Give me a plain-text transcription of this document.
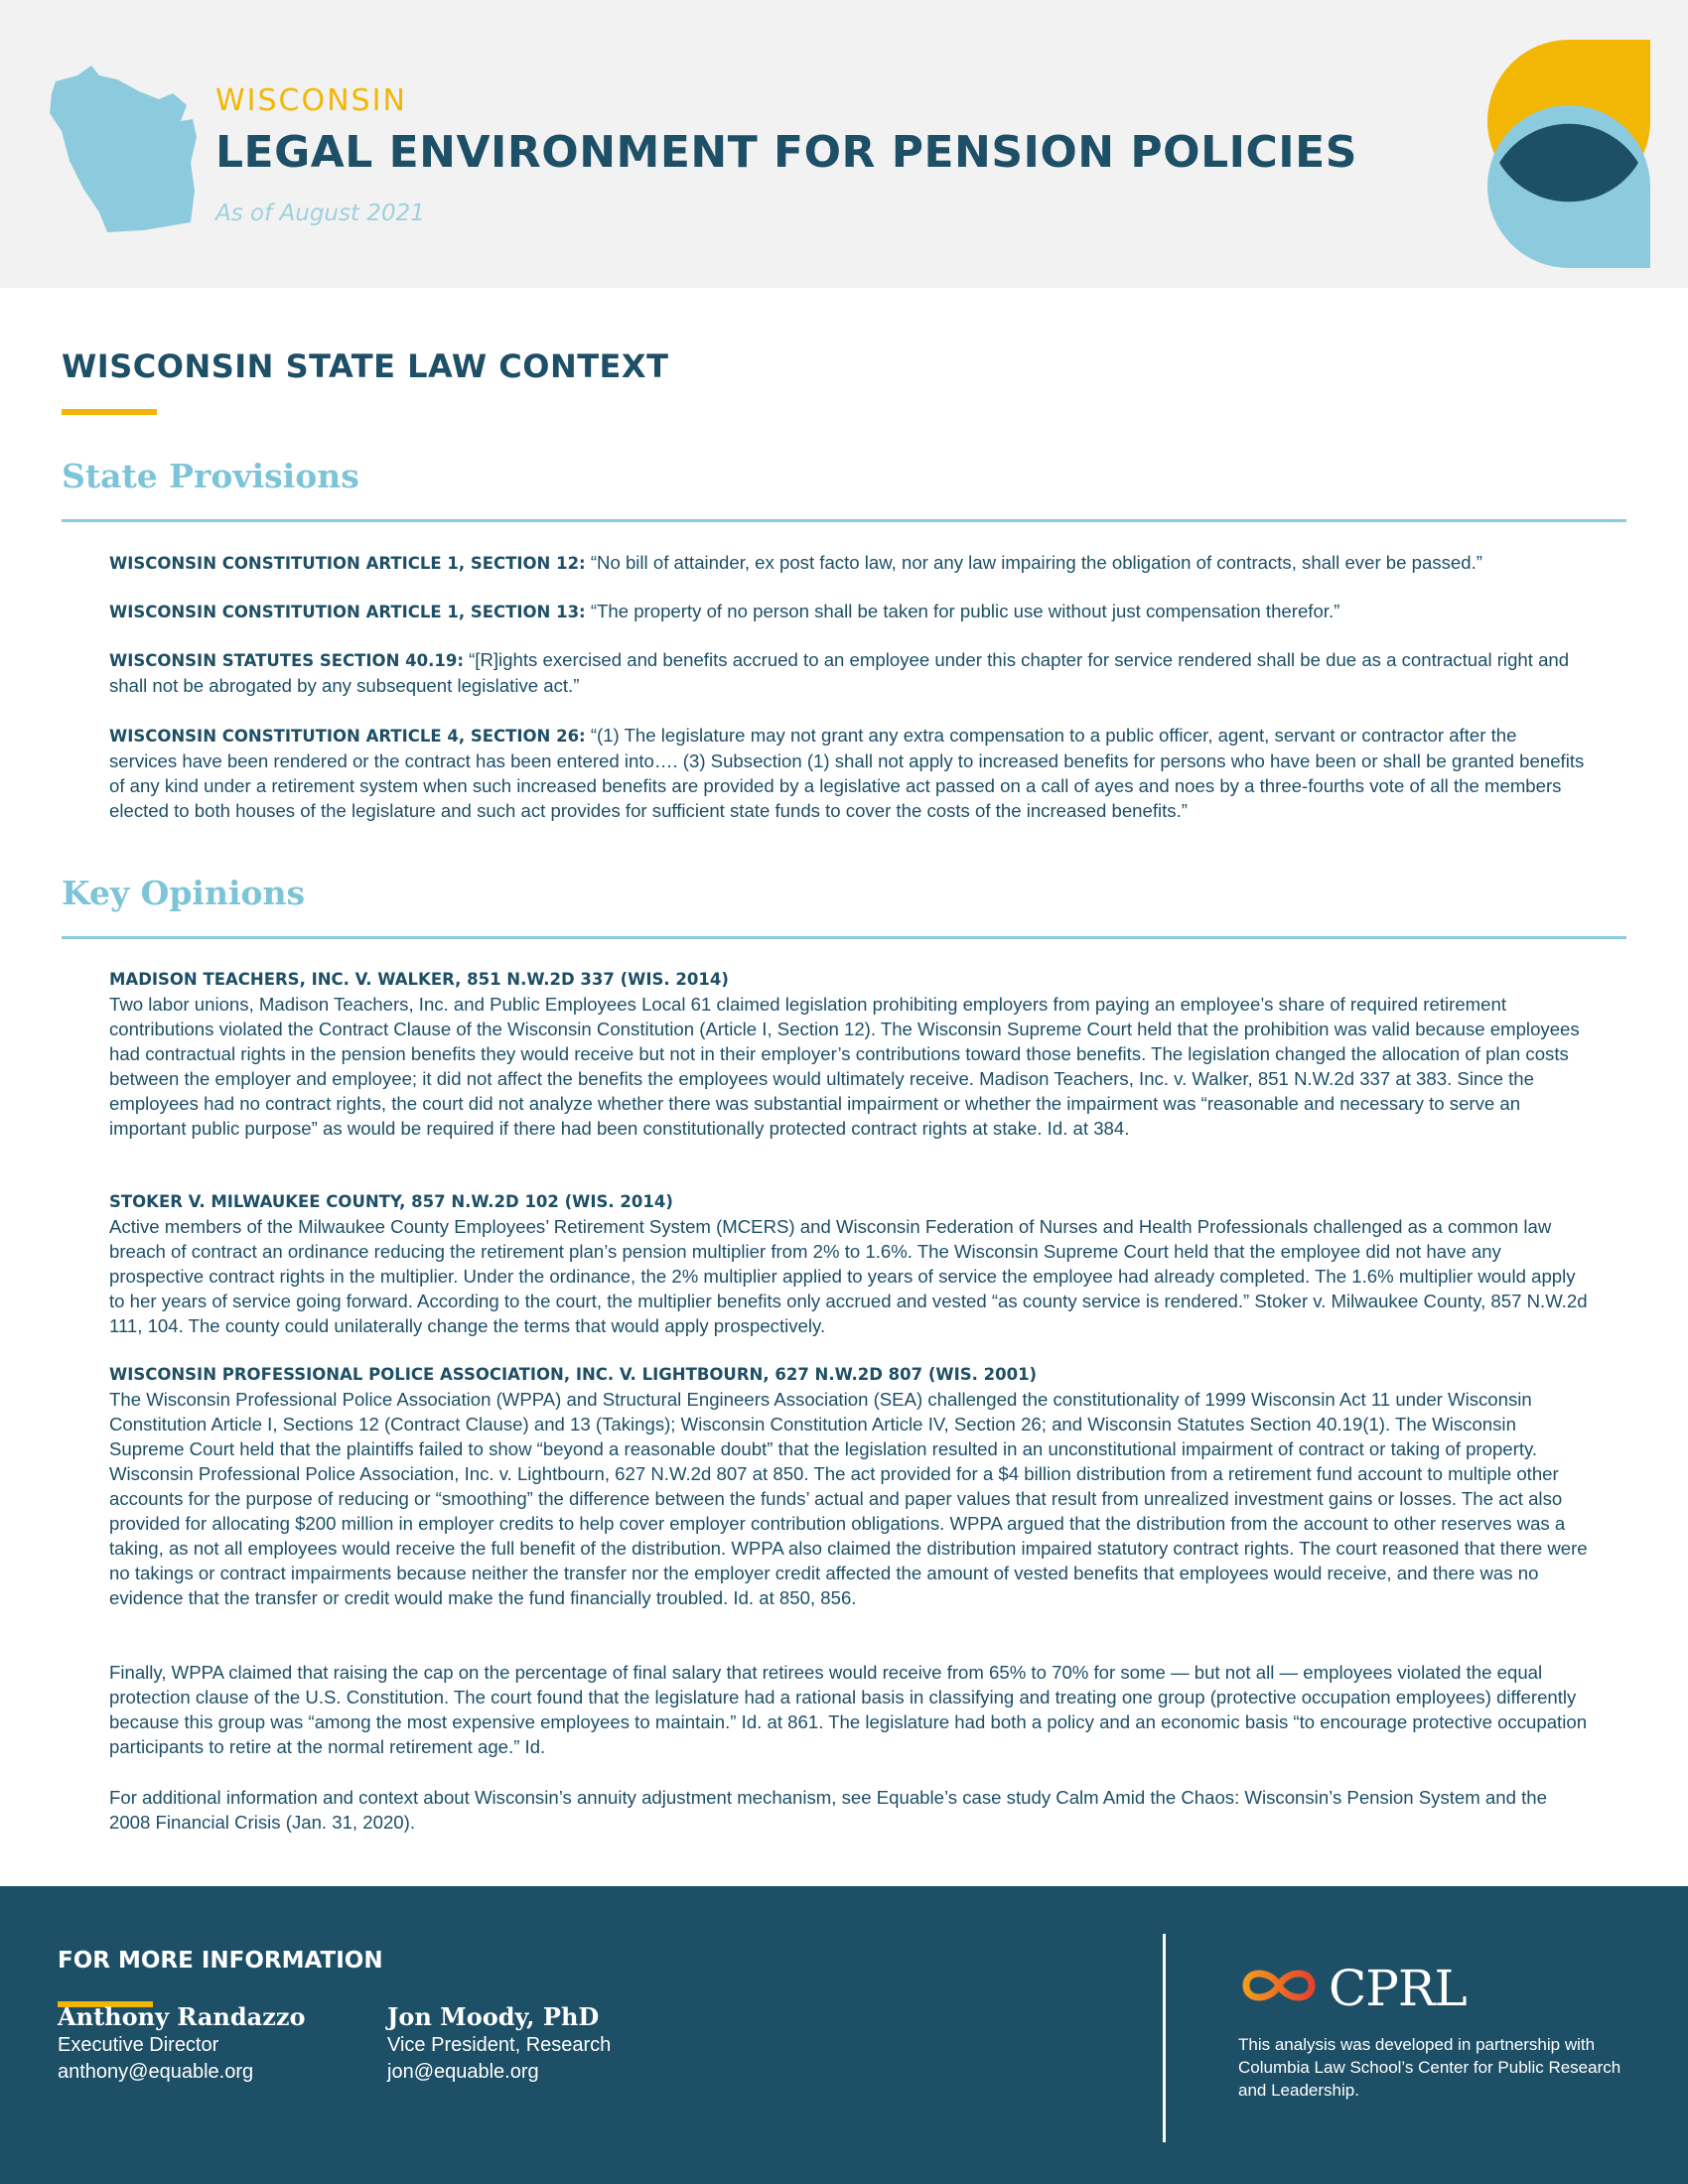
WISCONSIN
LEGAL ENVIRONMENT FOR PENSION POLICIES
As of August 2021
WISCONSIN STATE LAW CONTEXT
State Provisions

WISCONSIN CONSTITUTION ARTICLE 1, SECTION 12: “No bill of attainder, ex post facto law, nor any law impairing the obligation of contracts, shall ever be passed.”

WISCONSIN CONSTITUTION ARTICLE 1, SECTION 13: “The property of no person shall be taken for public use without just compensation therefor.”

WISCONSIN STATUTES SECTION 40.19: “[R]ights exercised and benefits accrued to an employee under this chapter for service rendered shall be due as a contractual right and shall not be abrogated by any subsequent legislative act.”

WISCONSIN CONSTITUTION ARTICLE 4, SECTION 26: “(1) The legislature may not grant any extra compensation to a public officer, agent, servant or contractor after the services have been rendered or the contract has been entered into…. (3) Subsection (1) shall not apply to increased benefits for persons who have been or shall be granted benefits of any kind under a retirement system when such increased benefits are provided by a legislative act passed on a call of ayes and noes by a three-fourths vote of all the members elected to both houses of the legislature and such act provides for sufficient state funds to cover the costs of the increased benefits.”

Key Opinions
MADISON TEACHERS, INC. V. WALKER, 851 N.W.2D 337 (WIS. 2014)
Two labor unions, Madison Teachers, Inc. and Public Employees Local 61 claimed legislation prohibiting employers from paying an employee’s share of required retirement contributions violated the Contract Clause of the Wisconsin Constitution (Article I, Section 12). The Wisconsin Supreme Court held that the prohibition was valid because employees had contractual rights in the pension benefits they would receive but not in their employer’s contributions toward those benefits. The legislation changed the allocation of plan costs between the employer and employee; it did not affect the benefits the employees would ultimately receive. Madison Teachers, Inc. v. Walker, 851 N.W.2d 337 at 383. Since the employees had no contract rights, the court did not analyze whether there was substantial impairment or whether the impairment was “reasonable and necessary to serve an important public purpose” as would be required if there had been constitutionally protected contract rights at stake. Id. at 384.
STOKER V. MILWAUKEE COUNTY, 857 N.W.2D 102 (WIS. 2014)
Active members of the Milwaukee County Employees’ Retirement System (MCERS) and Wisconsin Federation of Nurses and Health Professionals challenged as a common law breach of contract an ordinance reducing the retirement plan’s pension multiplier from 2% to 1.6%. The Wisconsin Supreme Court held that the employee did not have any prospective contract rights in the multiplier. Under the ordinance, the 2% multiplier applied to years of service the employee had already completed. The 1.6% multiplier would apply to her years of service going forward. According to the court, the multiplier benefits only accrued and vested “as county service is rendered.” Stoker v. Milwaukee County, 857 N.W.2d 111, 104. The county could unilaterally change the terms that would apply prospectively.
WISCONSIN PROFESSIONAL POLICE ASSOCIATION, INC. V. LIGHTBOURN, 627 N.W.2D 807 (WIS. 2001)
The Wisconsin Professional Police Association (WPPA) and Structural Engineers Association (SEA) challenged the constitutionality of 1999 Wisconsin Act 11 under Wisconsin Constitution Article I, Sections 12 (Contract Clause) and 13 (Takings); Wisconsin Constitution Article IV, Section 26; and Wisconsin Statutes Section 40.19(1). The Wisconsin Supreme Court held that the plaintiffs failed to show “beyond a reasonable doubt” that the legislation resulted in an unconstitutional impairment of contract or taking of property. Wisconsin Professional Police Association, Inc. v. Lightbourn, 627 N.W.2d 807 at 850. The act provided for a $4 billion distribution from a retirement fund account to multiple other accounts for the purpose of reducing or “smoothing” the difference between the funds’ actual and paper values that result from unrealized investment gains or losses. The act also provided for allocating $200 million in employer credits to help cover employer contribution obligations. WPPA argued that the distribution from the account to other reserves was a taking, as not all employees would receive the full benefit of the distribution. WPPA also claimed the distribution impaired statutory contract rights. The court reasoned that there were no takings or contract impairments because neither the transfer nor the employer credit affected the amount of vested benefits that employees would receive, and there was no evidence that the transfer or credit would make the fund financially troubled. Id. at 850, 856.

Finally, WPPA claimed that raising the cap on the percentage of final salary that retirees would receive from 65% to 70% for some — but not all — employees violated the equal protection clause of the U.S. Constitution. The court found that the legislature had a rational basis in classifying and treating one group (protective occupation employees) differently because this group was “among the most expensive employees to maintain.” Id. at 861. The legislature had both a policy and an economic basis “to encourage protective occupation participants to retire at the normal retirement age.” Id.

For additional information and context about Wisconsin’s annuity adjustment mechanism, see Equable’s case study Calm Amid the Chaos: Wisconsin’s Pension System and the 2008 Financial Crisis (Jan. 31, 2020).

FOR MORE INFORMATION
Anthony Randazzo
Executive Director
anthony@equable.org
Jon Moody, PhD
Vice President, Research
jon@equable.org
CPRL

This analysis was developed in partnership with Columbia Law School’s Center for Public Research and Leadership.
